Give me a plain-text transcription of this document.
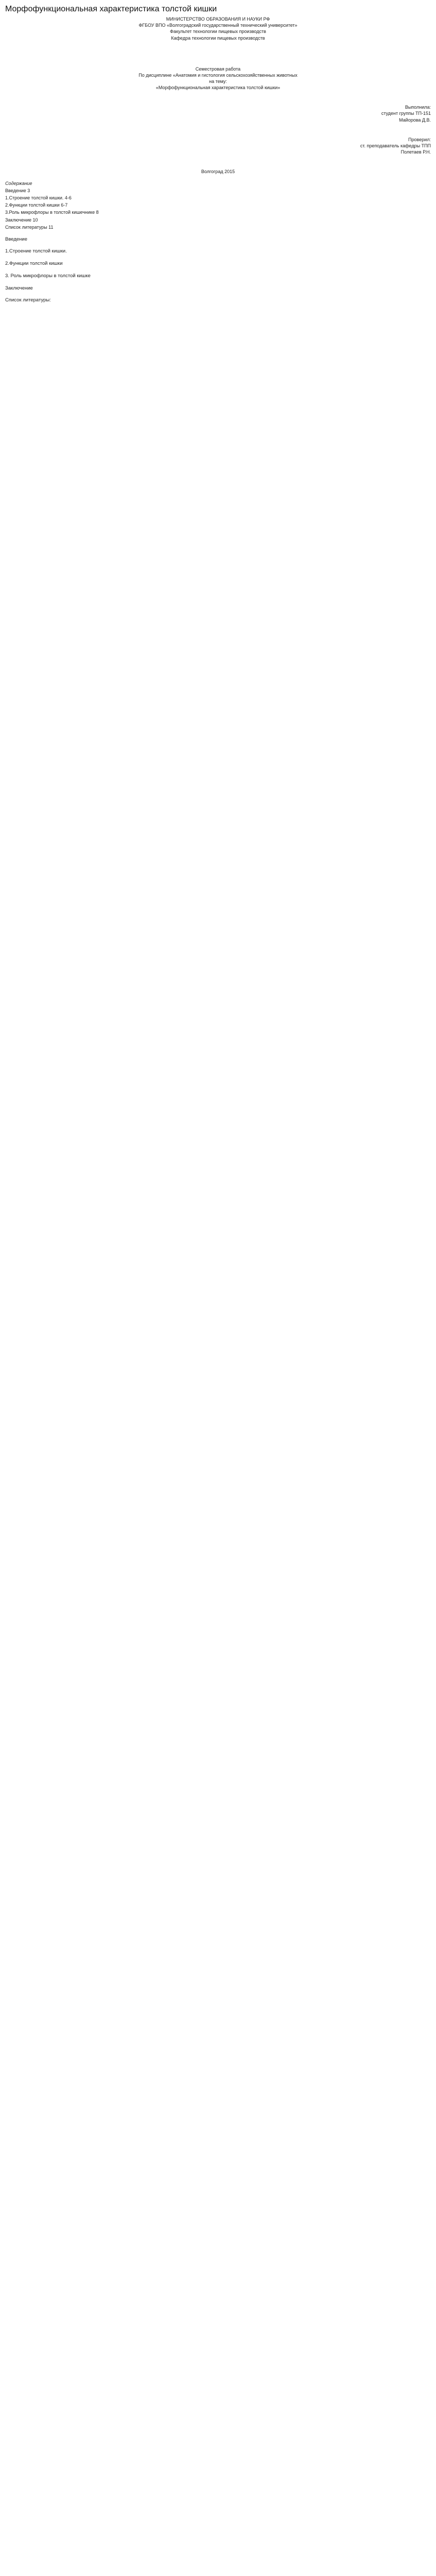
Морфофункциональная характеристика толстой кишки
МИНИСТЕРСТВО ОБРАЗОВАНИЯ И НАУКИ РФ
ФГБОУ ВПО «Волгоградский государственный технический университет»
Факультет технологии пищевых производств
Кафедра технологии пищевых производств
Семестровая работа
По дисциплине «Анатомия и гистология сельскохозяйственных животных
на тему:
«Морфофункциональная характеристика толстой кишки»
Выполнила:
студент группы ТП-151
Майорова Д.В.
Проверил:
ст. преподаватель кафедры ТПП
Полетаев Р.Н.
Волгоград 2015
Содержание
Введение 3
1.Строение толстой кишки. 4-6
2.Функции толстой кишки 6-7
3.Роль микрофлоры в толстой кишечнике 8
Заключение 10
Список литературы 11
Введение
1.Строение толстой кишки.
2.Функции толстой кишки
3. Роль микрофлоры в толстой кишке
Заключение
Список литературы:
